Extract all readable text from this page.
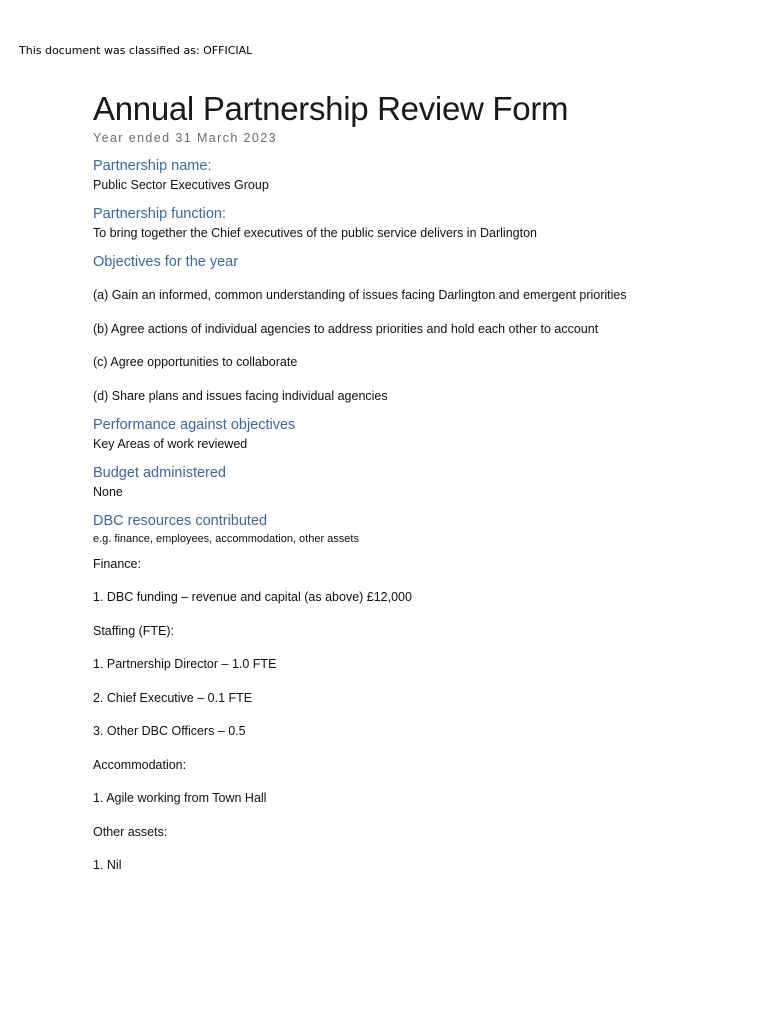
This document was classified as: OFFICIAL
Annual Partnership Review Form

Year ended 31 March 2023

Partnership name:

Public Sector Executives Group

Partnership function:

To bring together the Chief executives of the public service delivers in Darlington

Objectives for the year

(a) Gain an informed, common understanding of issues facing Darlington and emergent priorities

(b) Agree actions of individual agencies to address priorities and hold each other to account

(c) Agree opportunities to collaborate

(d) Share plans and issues facing individual agencies

Performance against objectives

Key Areas of work reviewed

Budget administered

None

DBC resources contributed

e.g. finance, employees, accommodation, other assets

Finance:

1. DBC funding – revenue and capital (as above) £12,000

Staffing (FTE):

1. Partnership Director – 1.0 FTE

2. Chief Executive – 0.1 FTE

3. Other DBC Officers – 0.5

Accommodation:

1. Agile working from Town Hall

Other assets:

1. Nil
